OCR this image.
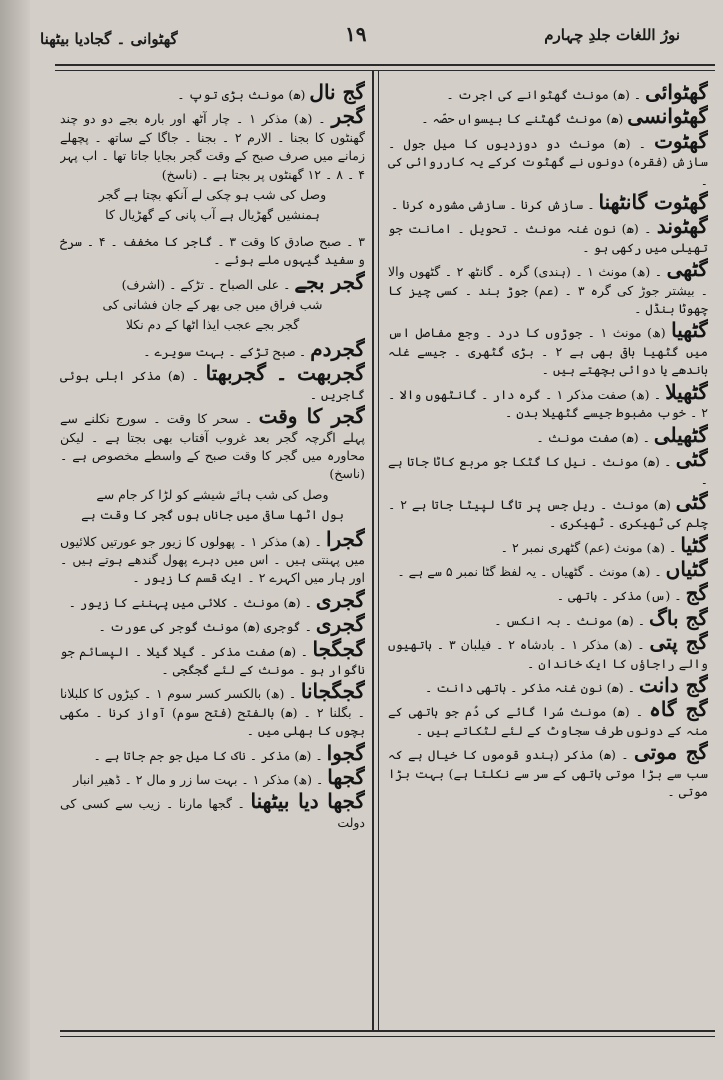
نورُ اللغات جلدِ چہارم
۱۹
گھٹوانی ۔ گجادیا بیٹھنا

گھٹوائی ۔ (ھ) مونث گھٹوانے کی اجرت ۔

گھٹوانسی (ھ) مونث گھٹنے کا بیسواں حصّہ ۔

گھٹوت ۔ (ھ) مونث دو دوزدیوں کا میل جول ۔ سازش (فقرہ) دونوں نے گھٹوت کرکے یہ کارروائی کی ۔

گھٹوت گانٹھنا ۔ سازش کرنا ۔ سازشی مشورہ کرنا ۔

گھٹوند ۔ (ھ) نون غنہ مونث ۔ تحویل ۔ امانت جو تھیلی میں رکھی ہو ۔

گٹھی ۔ (ھ) مونث ۱ ۔ (ہندی) گرہ ۔ گانٹھ ۲ ۔ گٹھوں والا ۔ بیشتر جوڑ کی گرہ ۳ ۔ (عم) جوڑ بند ۔ کسی چیز کا چھوٹا بنڈل ۔

گٹھیا (ھ) مونث ۱ ۔ جوڑوں کا درد ۔ وجع مفاصل اس میں گٹھیا باقی بھی ہے ۲ ۔ بڑی گٹھری ۔ جیسے غلہ باندھے یا دوائی بچھتے ہیں ۔

گٹھیلا ۔ (ھ) صفت مذکر ۱ ۔ گرہ دار ۔ گانٹھوں والا ۔ ۲ ۔ خوب مضبوط جیسے گٹھیلا بدن ۔

گٹھیلی ۔ (ھ) صفت مونث ۔

گٹی ۔ (ھ) مونث ۔ نیل کا گٹکا جو مربع کاٹا جاتا ہے ۔

گٹی (ھ) مونث ۔ ریل جس پر تاگا لپیٹا جاتا ہے ۲ ۔ چلم کی ٹھیکری ۔ ٹھیکری ۔

گٹیا ۔ (ھ) مونث (عم) گٹھری نمبر ۲ ۔

گٹیاں ۔ (ھ) مونث ۔ گٹھیاں ۔ یہ لفظ گٹا نمبر ۵ سے ہے ۔

گج ۔ (س) مذکر ۔ ہاتھی ۔

گج باگ ۔ (ھ) مونث ۔ بہ انکس ۔

گج پتی ۔ (ھ) مذکر ۱ ۔ بادشاہ ۲ ۔ فیلبان ۳ ۔ ہاتھیوں والے راجاؤں کا ایک خاندان ۔

گج دانت ۔ (ھ) نون غنہ مذکر ۔ ہاتھی دانت ۔

گج گاہ ۔ (ھ) مونث سُرا گائے کی دُم جو ہاتھی کے منہ کے دونوں طرف سجاوٹ کے لئے لٹکاتے ہیں ۔

گج موتی ۔ (ھ) مذکر (ہندو قوموں کا خیال ہے کہ سب سے بڑا موتی ہاتھی کے سر سے نکلتا ہے) بہت بڑا موتی ۔

گج نال (ھ) مونث بڑی توپ ۔

گجر ۔ (ھ) مذکر ۱ ۔ چار آٹھ اور بارہ بجے دو دو چند گھنٹوں کا بجنا ۔ الارم ۲ ۔ بجنا ۔ جاگا کے ساتھ ۔ پچھلے زمانے میں صرف صبح کے وقت گجر بجایا جاتا تھا ۔ اب پہر ۴ ۔ ۸ ۔ ۱۲ گھنٹوں پر بجتا ہے ۔ (ناسخ)

وصل کی شب ہو چکی لے آنکھ بچتا ہے گجر

ہمنشیں گھڑیال ہے آب پانی کے گھڑیال کا

۳ ۔ صبح صادق کا وقت ۳ ۔ گاجر کا مخفف ۔ ۴ ۔ سرخ و سفید گیہوں ملے ہوئے ۔

گجر بجے ۔ علی الصباح ۔ تڑکے ۔ (اشرف)

شب فراق میں جی بھر کے جان فشانی کی

گجر بجے عجب ایذا اٹھا کے دم نکلا

گجردم ۔ صبح تڑکے ۔ بہت سویرے ۔

گجربھت ۔ گجربھتا ۔ (ھ) مذکر ابلی ہوئی گاجریں ۔

گجر کا وقت ۔ سحر کا وقت ۔ سورج نکلنے سے پہلے اگرچہ گجر بعد غروب آفتاب بھی بجتا ہے ۔ لیکن محاورہ میں گجر کا وقت صبح کے واسطے مخصوص ہے ۔ (ناسخ)

وصل کی شب ہائے شیشے کو لڑا کر جام سے

بول اٹھا ساقی میں جاناں ہوں گجر کا وقت ہے

گجرا ۔ (ھ) مذکر ۱ ۔ پھولوں کا زیور جو عورتیں کلائیوں میں پہنتی ہیں ۔ اس میں دہرے پھول گندھے ہوتے ہیں ۔ اور ہار میں اکہرے ۲ ۔ ایک قسم کا زیور ۔

گجری ۔ (ھ) مونث ۔ کلائی میں پہننے کا زیور ۔

گجری ۔ گوجری (ھ) مونث گوجر کی عورت ۔

گجگجا ۔ (ھ) صفت مذکر ۔ گیلا گیلا ۔ الپسائم جو ناگوار ہو ۔ مونث کے لئے گجگجی ۔

گجگجانا ۔ (ھ) بالکسر کسر سوم ۱ ۔ کیڑوں کا کلبلانا ۔ بگلنا ۲ ۔ (ھ) بالفتح (فتح سوم) آواز کرنا ۔ مکھی بچوں کا بھلی میں ۔

گجوا ۔ (ھ) مذکر ۔ ناک کا میل جو جم جاتا ہے ۔

گجھا ۔ (ھ) مذکر ۱ ۔ بہت سا زر و مال ۲ ۔ ڈھیر انبار

گجھا دیا بیٹھنا ۔ گجھا مارنا ۔ زیب سے کسی کی دولت
